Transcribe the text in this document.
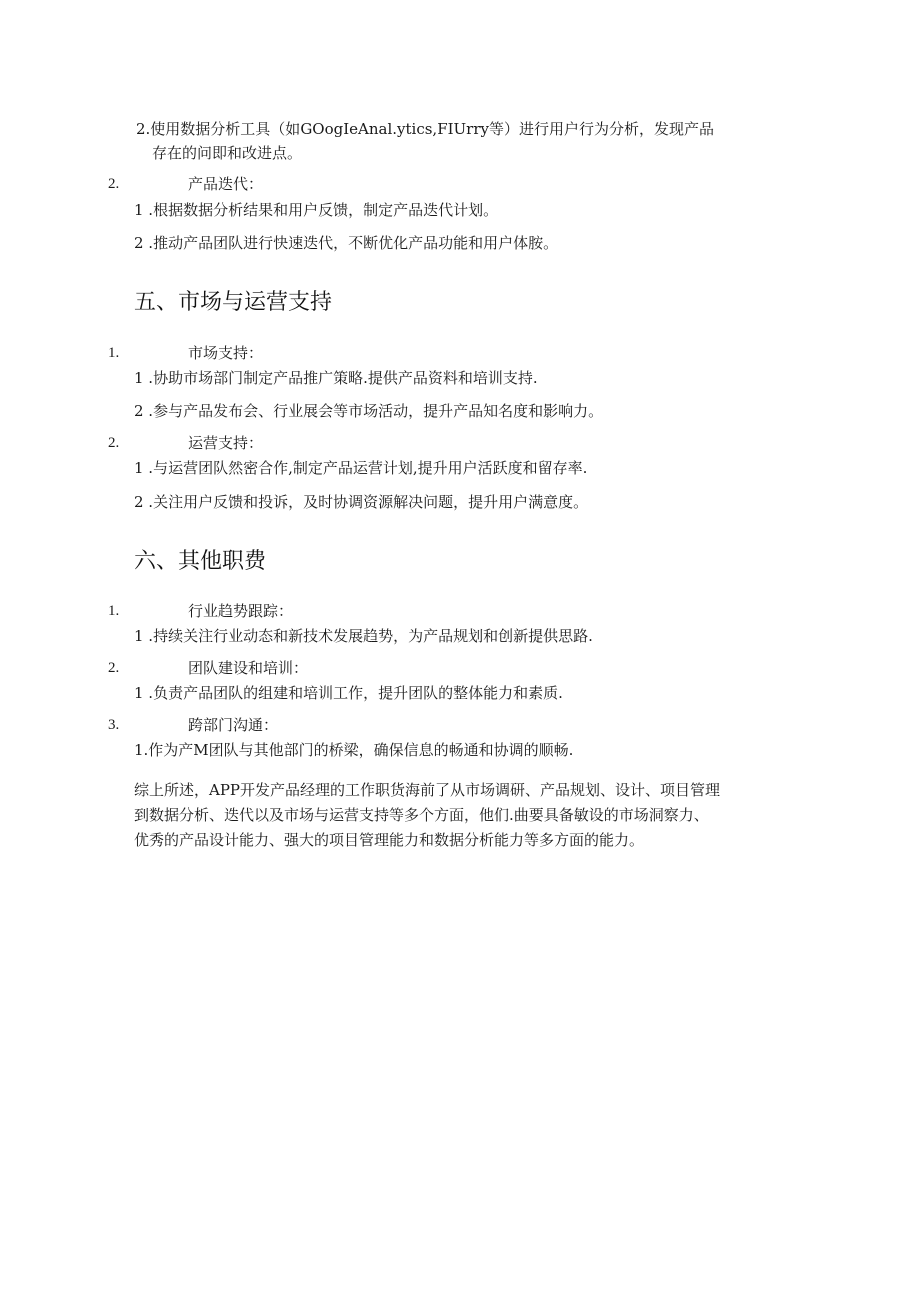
2.使用数据分析工具（如GOogIeAnal.ytics,FIUrry等）进行用户行为分析，发现产品
存在的问即和改进点。
2.	产品迭代：
1 .根据数据分析结果和用户反馈，制定产品迭代计划。
2 .推动产品团队进行快速迭代，不断优化产品功能和用户体胺。
五、市场与运营支持
1.	市场支持：
1 .协助市场部门制定产品推广策略.提供产品资料和培训支持.
2 .参与产品发布会、行业展会等市场活动，提升产品知名度和影响力。
2.	运营支持：
1 .与运营团队然密合作,制定产品运营计划,提升用户活跃度和留存率.
2 .关注用户反馈和投诉，及时协调资源解决问题，提升用户满意度。
六、其他职费
1.	行业趋势跟踪：
1 .持续关注行业动态和新技术发展趋势，为产品规划和创新提供思路.
2.	团队建设和培训：
1 .负责产品团队的组建和培训工作，提升团队的整体能力和素质.
3.	跨部门沟通：
1.作为产M团队与其他部门的桥梁，确保信息的畅通和协调的顺畅.
综上所述，APP开发产品经理的工作职货海前了从市场调研、产品规划、设计、项目管理
到数据分析、迭代以及市场与运营支持等多个方面，他们.曲要具备敏设的市场洞察力、
优秀的产品设计能力、强大的项目管理能力和数据分析能力等多方面的能力。
